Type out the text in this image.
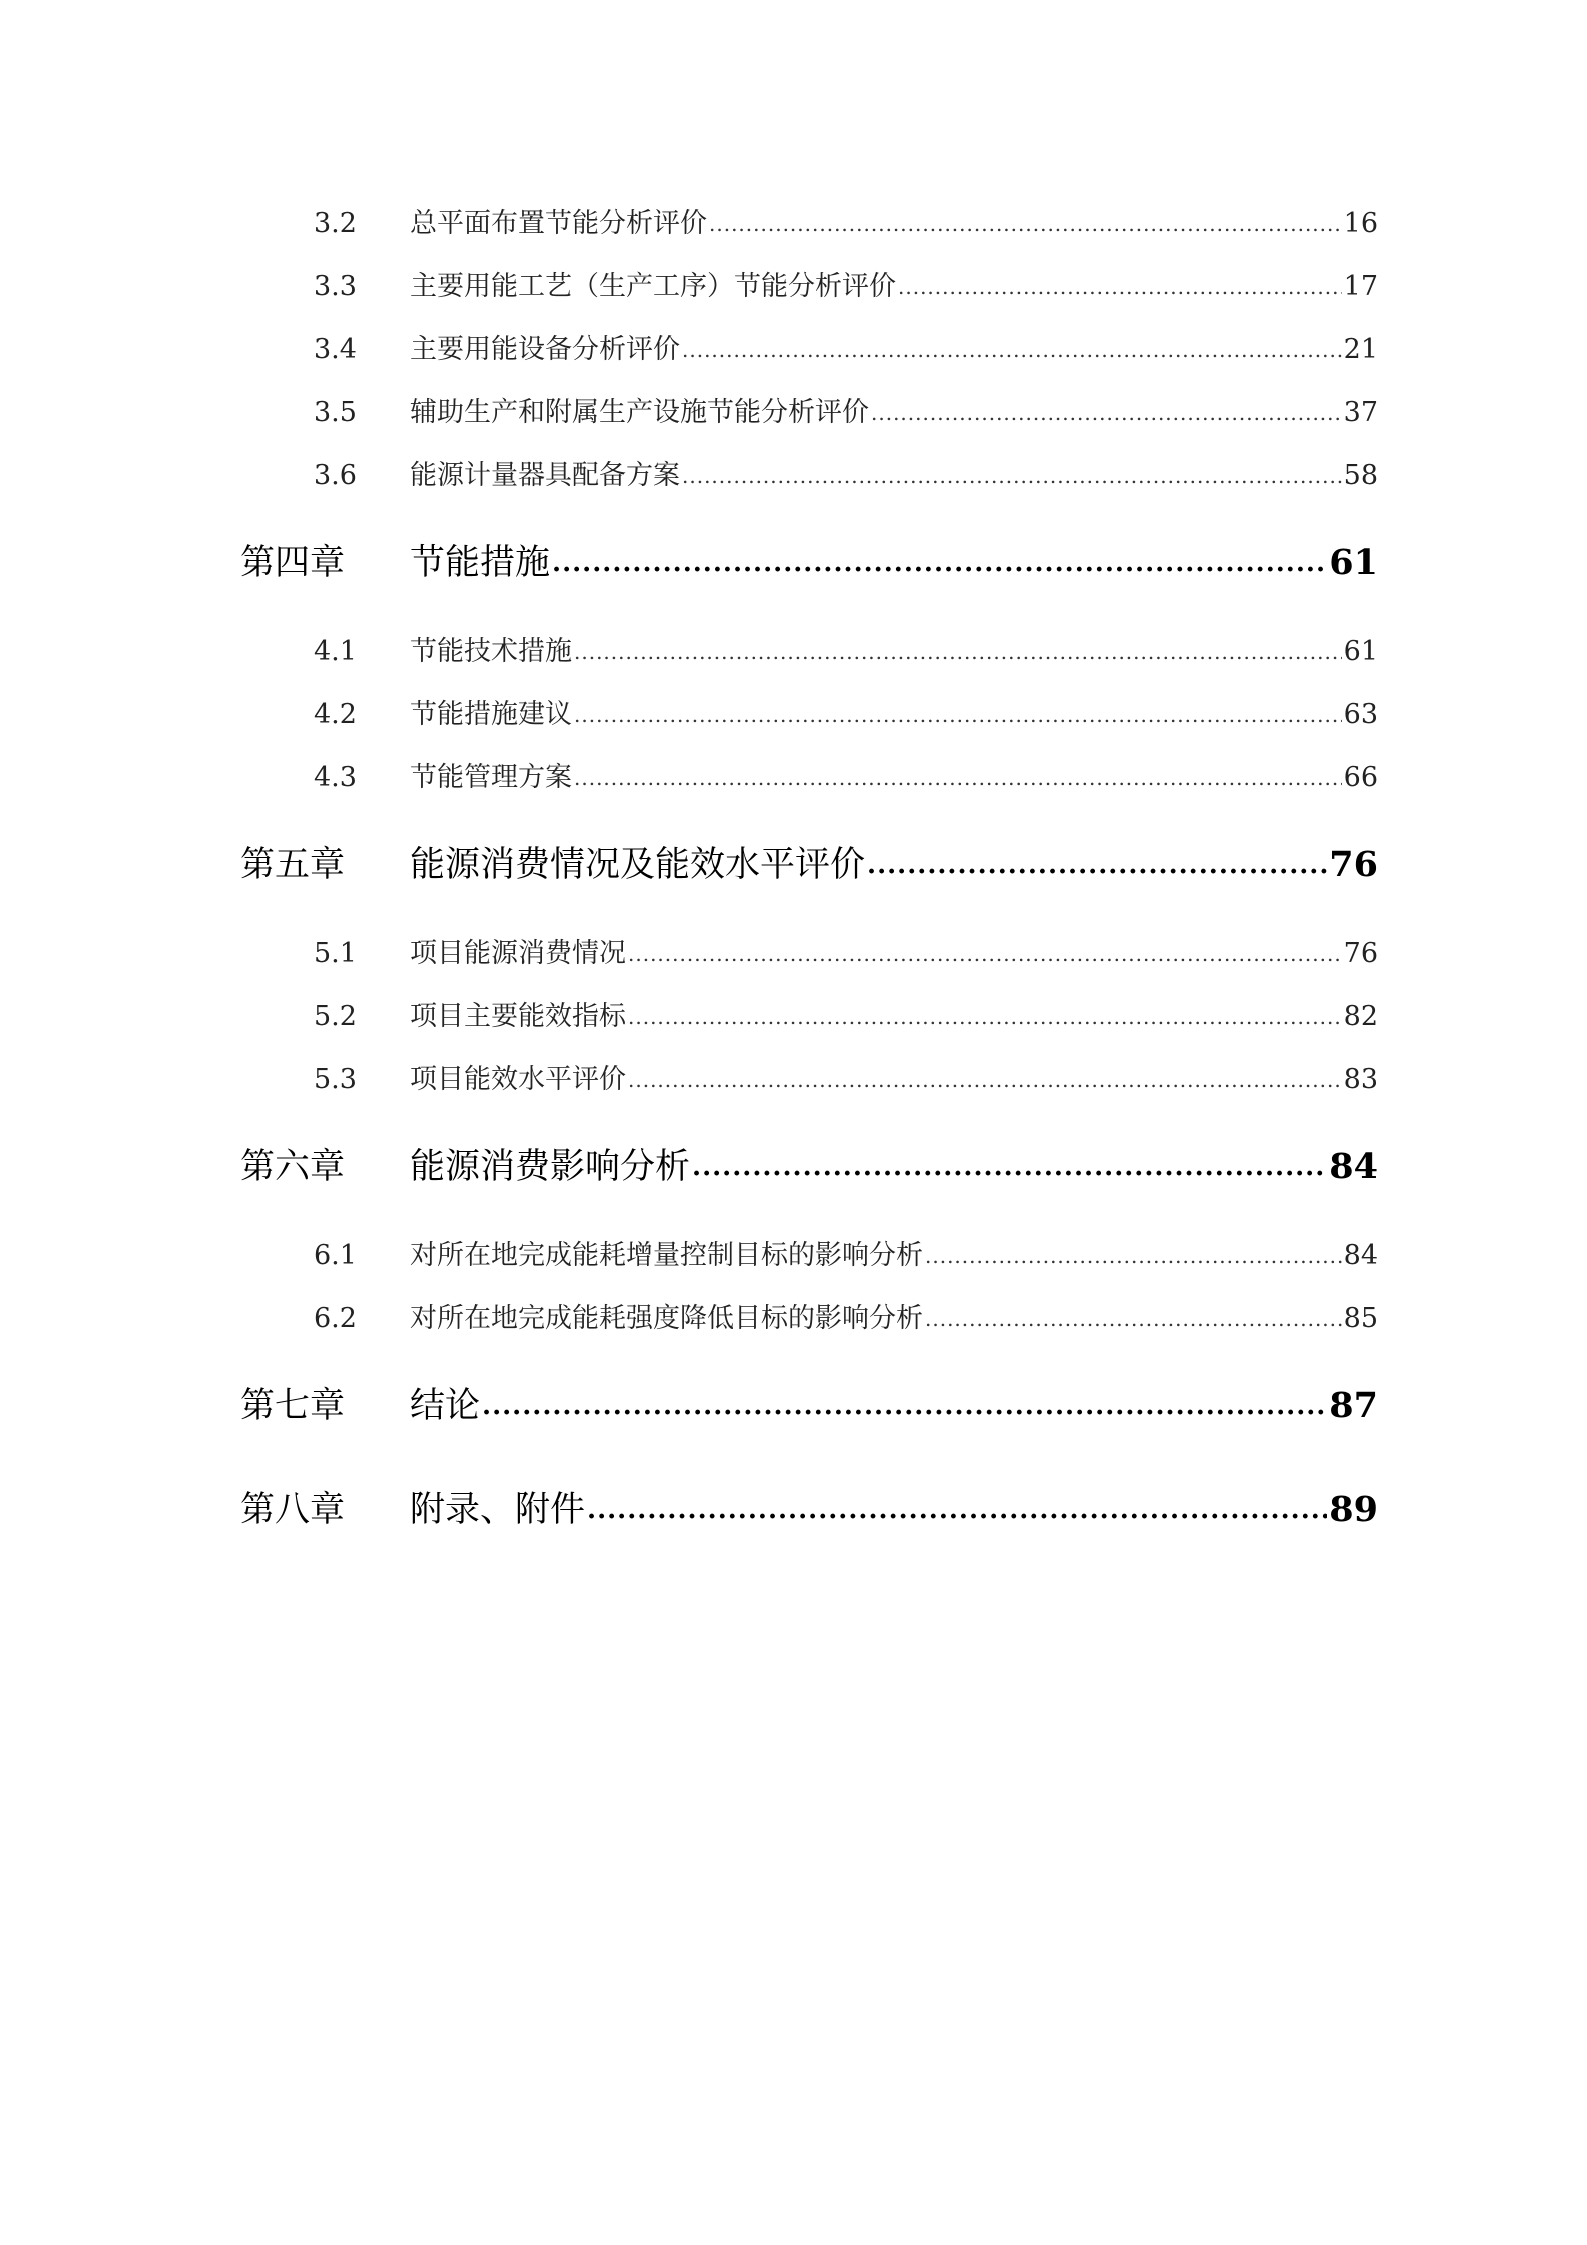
3.2	总平面布置节能分析评价 .....	16
3.3	主要用能工艺（生产工序）节能分析评价 .....	17
3.4	主要用能设备分析评价 .....	21
3.5	辅助生产和附属生产设施节能分析评价 .....	37
3.6	能源计量器具配备方案 .....	58
第四章	节能措施 .....	61
4.1	节能技术措施 .....	61
4.2	节能措施建议 .....	63
4.3	节能管理方案 .....	66
第五章	能源消费情况及能效水平评价 .....	76
5.1	项目能源消费情况 .....	76
5.2	项目主要能效指标 .....	82
5.3	项目能效水平评价 .....	83
第六章	能源消费影响分析 .....	84
6.1	对所在地完成能耗增量控制目标的影响分析 .....	84
6.2	对所在地完成能耗强度降低目标的影响分析 .....	85
第七章	结论 .....	87
第八章	附录、附件 .....	89
